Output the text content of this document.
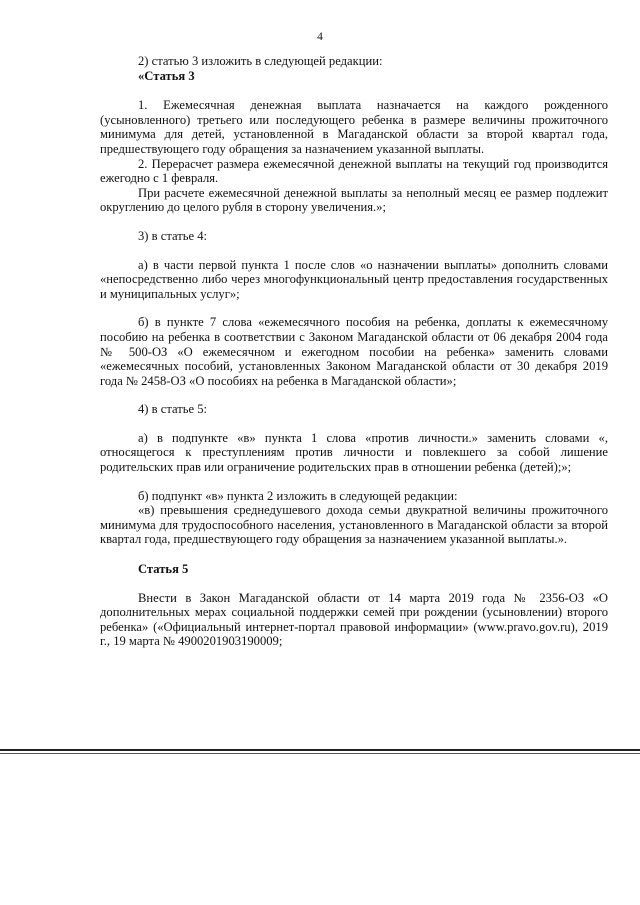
4

2) статью 3 изложить в следующей редакции:

«Статья 3

1. Ежемесячная денежная выплата назначается на каждого рожденного (усыновленного) третьего или последующего ребенка в размере величины прожиточного минимума для детей, установленной в Магаданской области за второй квартал года, предшествующего году обращения за назначением указанной выплаты.

2. Перерасчет размера ежемесячной денежной выплаты на текущий год производится ежегодно с 1 февраля.

При расчете ежемесячной денежной выплаты за неполный месяц ее размер подлежит округлению до целого рубля в сторону увеличения.»;

3) в статье 4:

а) в части первой пункта 1 после слов «о назначении выплаты» дополнить словами «непосредственно либо через многофункциональный центр предоставления государственных и муниципальных услуг»;

б) в пункте 7 слова «ежемесячного пособия на ребенка, доплаты к ежемесячному пособию на ребенка в соответствии с Законом Магаданской области от 06 декабря 2004 года № 500-ОЗ «О ежемесячном и ежегодном пособии на ребенка» заменить словами «ежемесячных пособий, установленных Законом Магаданской области от 30 декабря 2019 года № 2458-ОЗ «О пособиях на ребенка в Магаданской области»;

4) в статье 5:

а) в подпункте «в» пункта 1 слова «против личности.» заменить словами «, относящегося к преступлениям против личности и повлекшего за собой лишение родительских прав или ограничение родительских прав в отношении ребенка (детей);»;

б) подпункт «в» пункта 2 изложить в следующей редакции:

«в) превышения среднедушевого дохода семьи двукратной величины прожиточного минимума для трудоспособного населения, установленного в Магаданской области за второй квартал года, предшествующего году обращения за назначением указанной выплаты.».

Статья 5

Внести в Закон Магаданской области от 14 марта 2019 года № 2356-ОЗ «О дополнительных мерах социальной поддержки семей при рождении (усыновлении) второго ребенка» («Официальный интернет-портал правовой информации» (www.pravo.gov.ru), 2019 г., 19 марта № 4900201903190009;
